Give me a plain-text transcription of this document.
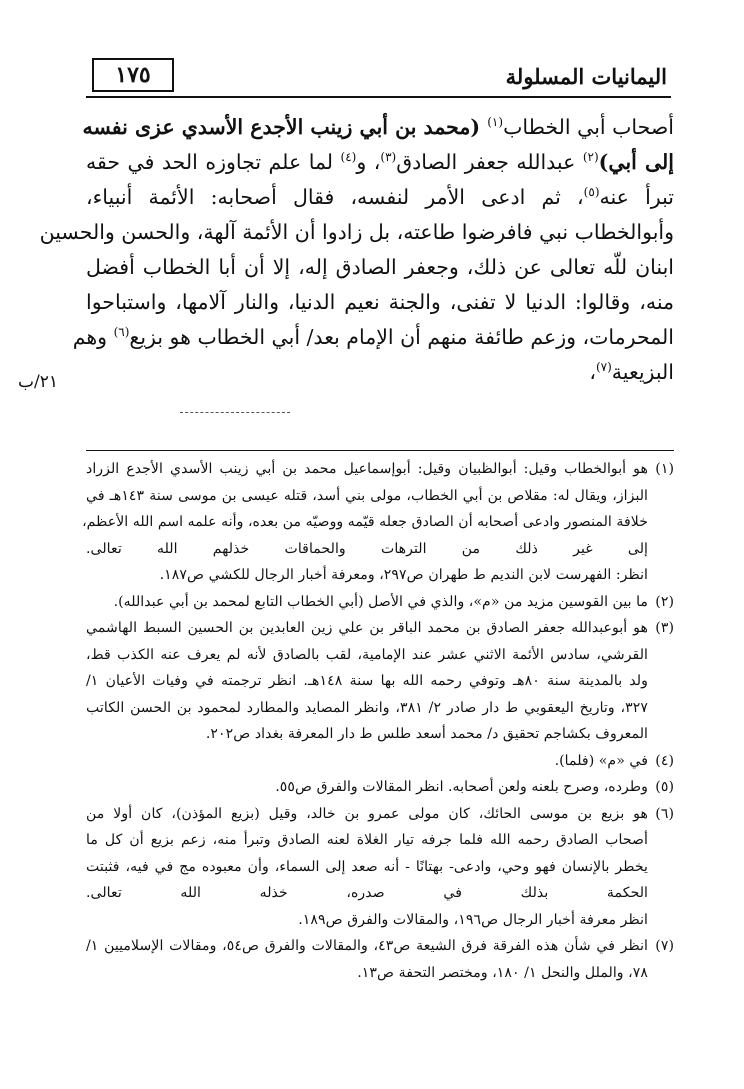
١٧٥	اليمانيات المسلولة
أصحاب أبي الخطاب$^{(١)}$ (محمد بن أبي زينب الأجدع الأسدي عزى نفسه
إلى أبي)$^{(٢)}$ عبدالله جعفر الصادق$^{(٣)}$، و$^{(٤)}$ لما علم تجاوزه الحد في حقه
تبرأ عنه$^{(٥)}$، ثم ادعى الأمر لنفسه، فقال أصحابه: الأئمة أنبياء،
وأبوالخطاب نبي فافرضوا طاعته، بل زادوا أن الأئمة آلهة، والحسن والحسين
ابنان للّه تعالى عن ذلك، وجعفر الصادق إله، إلا أن أبا الخطاب أفضل
منه، وقالوا: الدنيا لا تفنى، والجنة نعيم الدنيا، والنار آلامها، واستباحوا
المحرمات، وزعم طائفة منهم أن الإمام بعد/ أبي الخطاب هو بزيع$^{(٦)}$ وهم
البزيعية$^{(٧)}$،
٢١/ب
(١)
هو أبوالخطاب وقيل: أبوالظبيان وقيل: أبوإسماعيل محمد بن أبي زينب الأسدي الأجدع الزراد
البزاز، ويقال له: مقلاص بن أبي الخطاب، مولى بني أسد، قتله عيسى بن موسى سنة ١٤٣هـ في
خلافة المنصور وادعى أصحابه أن الصادق جعله قيّمه ووصيّه من بعده، وأنه علمه اسم الله الأعظم،
إلى غير ذلك من الترهات والحماقات خذلهم الله تعالى.
انظر: الفهرست لابن النديم ط طهران ص٢٩٧، ومعرفة أخبار الرجال للكشي ص١٨٧.
(٢)
ما بين القوسين مزيد من «م»، والذي في الأصل (أبي الخطاب التابع لمحمد بن أبي عبدالله).
(٣)
هو أبوعبدالله جعفر الصادق بن محمد الباقر بن علي زين العابدين بن الحسين السبط الهاشمي
القرشي، سادس الأئمة الاثني عشر عند الإمامية، لقب بالصادق لأنه لم يعرف عنه الكذب قط،
ولد بالمدينة سنة ٨٠هـ وتوفي رحمه الله بها سنة ١٤٨هـ. انظر ترجمته في وفيات الأعيان ١/
٣٢٧، وتاريخ اليعقوبي ط دار صادر ٢/ ٣٨١، وانظر المصايد والمطارد لمحمود بن الحسن الكاتب
المعروف بكشاجم تحقيق د/ محمد أسعد طلس ط دار المعرفة بغداد ص٢٠٢.
(٤)
في «م» (فلما).
(٥)
وطرده، وصرح بلعنه ولعن أصحابه. انظر المقالات والفرق ص٥٥.
(٦)
هو بزيع بن موسى الحائك، كان مولى عمرو بن خالد، وقيل (بزيع المؤذن)، كان أولا من
أصحاب الصادق رحمه الله فلما جرفه تيار الغلاة لعنه الصادق وتبرأ منه، زعم بزيع أن كل ما
يخطر بالإنسان فهو وحي، وادعى- بهتانًا - أنه صعد إلى السماء، وأن معبوده مج في فيه، فثبتت
الحكمة بذلك في صدره، خذله الله تعالى.
انظر معرفة أخبار الرجال ص١٩٦، والمقالات والفرق ص١٨٩.
(٧)
انظر في شأن هذه الفرقة فرق الشيعة ص٤٣، والمقالات والفرق ص٥٤، ومقالات الإسلاميين ١/
٧٨، والملل والنحل ١/ ١٨٠، ومختصر التحفة ص١٣.
